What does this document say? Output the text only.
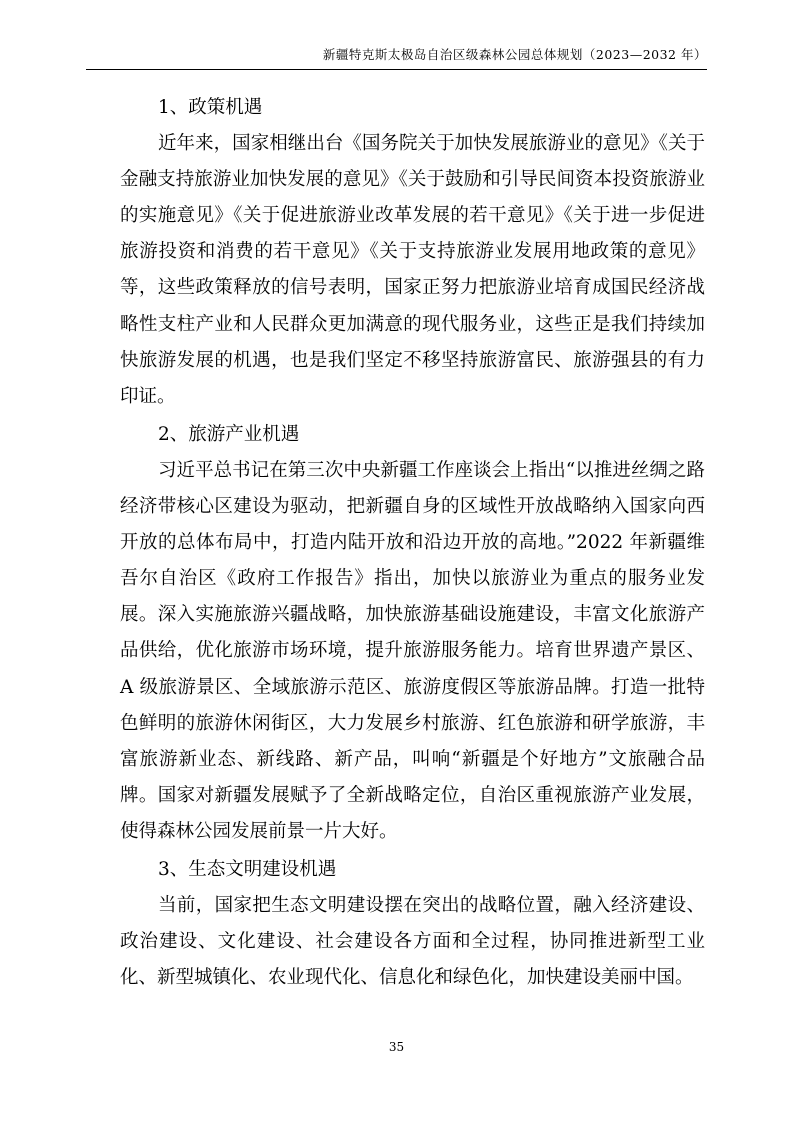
新疆特克斯太极岛自治区级森林公园总体规划（2023—2032 年）

1、政策机遇

近年来，国家相继出台《国务院关于加快发展旅游业的意见》《关于金融支持旅游业加快发展的意见》《关于鼓励和引导民间资本投资旅游业的实施意见》《关于促进旅游业改革发展的若干意见》《关于进一步促进旅游投资和消费的若干意见》《关于支持旅游业发展用地政策的意见》等，这些政策释放的信号表明，国家正努力把旅游业培育成国民经济战略性支柱产业和人民群众更加满意的现代服务业，这些正是我们持续加快旅游发展的机遇，也是我们坚定不移坚持旅游富民、旅游强县的有力印证。

2、旅游产业机遇

习近平总书记在第三次中央新疆工作座谈会上指出“以推进丝绸之路经济带核心区建设为驱动，把新疆自身的区域性开放战略纳入国家向西开放的总体布局中，打造内陆开放和沿边开放的高地。”2022 年新疆维吾尔自治区《政府工作报告》指出，加快以旅游业为重点的服务业发展。深入实施旅游兴疆战略，加快旅游基础设施建设，丰富文化旅游产品供给，优化旅游市场环境，提升旅游服务能力。培育世界遗产景区、A 级旅游景区、全域旅游示范区、旅游度假区等旅游品牌。打造一批特色鲜明的旅游休闲街区，大力发展乡村旅游、红色旅游和研学旅游，丰富旅游新业态、新线路、新产品，叫响“新疆是个好地方”文旅融合品牌。国家对新疆发展赋予了全新战略定位，自治区重视旅游产业发展，使得森林公园发展前景一片大好。

3、生态文明建设机遇

当前，国家把生态文明建设摆在突出的战略位置，融入经济建设、政治建设、文化建设、社会建设各方面和全过程，协同推进新型工业化、新型城镇化、农业现代化、信息化和绿色化，加快建设美丽中国。

35
